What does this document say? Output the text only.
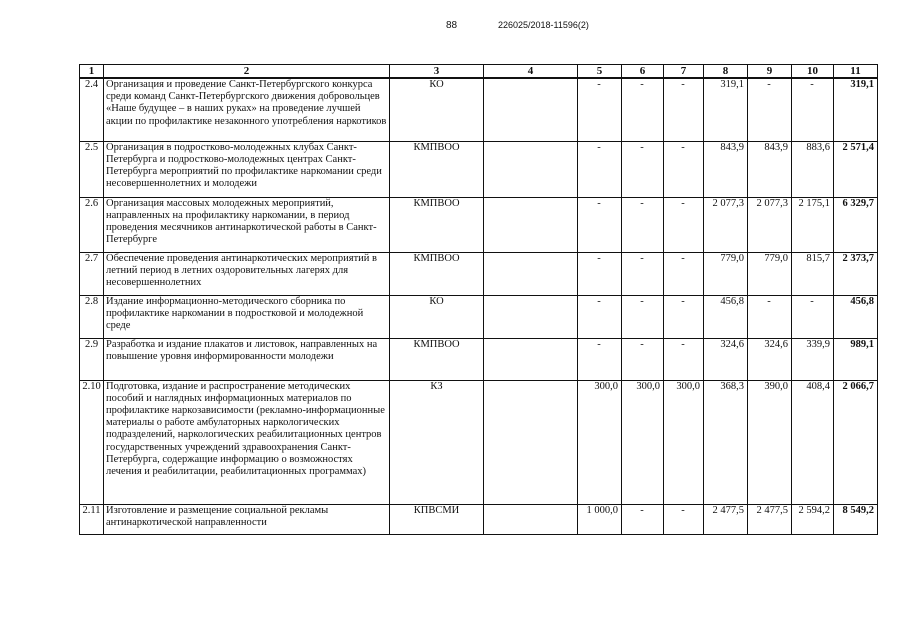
88	226025/2018-11596(2)
1	2	3	4	5	6	7	8	9	10	11
2.4	Организация и проведение Санкт-Петербургского конкурса среди команд Санкт-Петербургского движения добровольцев «Наше будущее – в наших руках» на проведение лучшей акции по профилактике незаконного употребления наркотиков	КО		-	-	-	319,1	-	-	319,1
2.5	Организация в подростково-молодежных клубах Санкт-Петербурга и подростково-молодежных центрах Санкт-Петербурга мероприятий по профилактике наркомании среди несовершеннолетних и молодежи	КМПВОО		-	-	-	843,9	843,9	883,6	2 571,4
2.6	Организация массовых молодежных мероприятий, направленных на профилактику наркомании, в период проведения месячников антинаркотической работы в Санкт-Петербурге	КМПВОО		-	-	-	2 077,3	2 077,3	2 175,1	6 329,7
2.7	Обеспечение проведения антинаркотических мероприятий в летний период в летних оздоровительных лагерях для несовершеннолетних	КМПВОО		-	-	-	779,0	779,0	815,7	2 373,7
2.8	Издание информационно-методического сборника по профилактике наркомании в подростковой и молодежной среде	КО		-	-	-	456,8	-	-	456,8
2.9	Разработка и издание плакатов и листовок, направленных на повышение уровня информированности молодежи	КМПВОО		-	-	-	324,6	324,6	339,9	989,1
2.10	Подготовка, издание и распространение методических пособий и наглядных информационных материалов по профилактике наркозависимости (рекламно-информационные материалы о работе амбулаторных наркологических подразделений, наркологических реабилитационных центров государственных учреждений здравоохранения Санкт-Петербурга, содержащие информацию о возможностях лечения и реабилитации, реабилитационных программах)	КЗ		300,0	300,0	300,0	368,3	390,0	408,4	2 066,7
2.11	Изготовление и размещение социальной рекламы антинаркотической направленности	КПВСМИ		1 000,0	-	-	2 477,5	2 477,5	2 594,2	8 549,2
